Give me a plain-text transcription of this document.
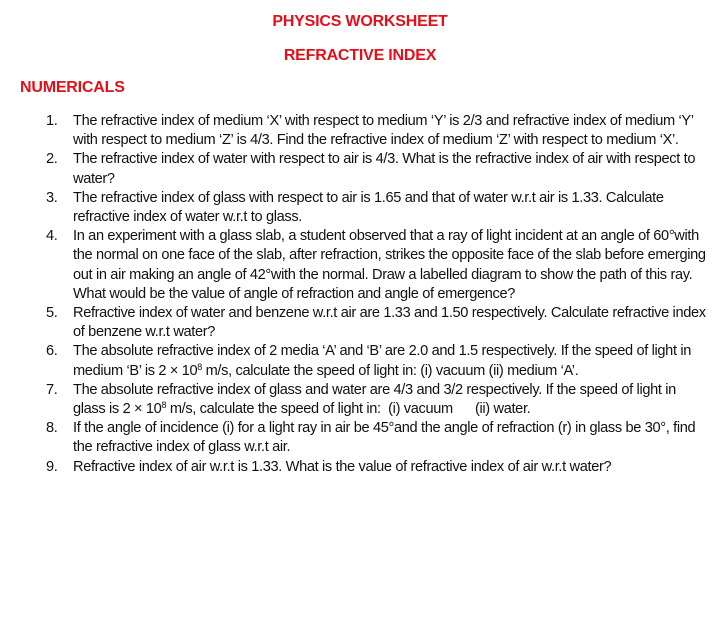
PHYSICS WORKSHEET
REFRACTIVE INDEX
NUMERICALS
1. The refractive index of medium ‘X’ with respect to medium ‘Y’ is 2/3 and refractive index of medium ‘Y’ with respect to medium ‘Z’ is 4/3. Find the refractive index of medium ‘Z’ with respect to medium ‘X’.
2. The refractive index of water with respect to air is 4/3. What is the refractive index of air with respect to water?
3. The refractive index of glass with respect to air is 1.65 and that of water w.r.t air is 1.33. Calculate refractive index of water w.r.t to glass.
4. In an experiment with a glass slab, a student observed that a ray of light incident at an angle of 60°with the normal on one face of the slab, after refraction, strikes the opposite face of the slab before emerging out in air making an angle of 42°with the normal. Draw a labelled diagram to show the path of this ray. What would be the value of angle of refraction and angle of emergence?
5. Refractive index of water and benzene w.r.t air are 1.33 and 1.50 respectively. Calculate refractive index of benzene w.r.t water?
6. The absolute refractive index of 2 media ‘A’ and ‘B’ are 2.0 and 1.5 respectively. If the speed of light in medium ‘B’ is $2 \times 10^8$ m/s, calculate the speed of light in: (i) vacuum (ii) medium ‘A’.
7. The absolute refractive index of glass and water are 4/3 and 3/2 respectively. If the speed of light in glass is $2 \times 10^8$ m/s, calculate the speed of light in:  (i) vacuum      (ii) water.
8. If the angle of incidence (i) for a light ray in air be 45°and the angle of refraction (r) in glass be 30°, find the refractive index of glass w.r.t air.
9. Refractive index of air w.r.t is 1.33. What is the value of refractive index of air w.r.t water?
